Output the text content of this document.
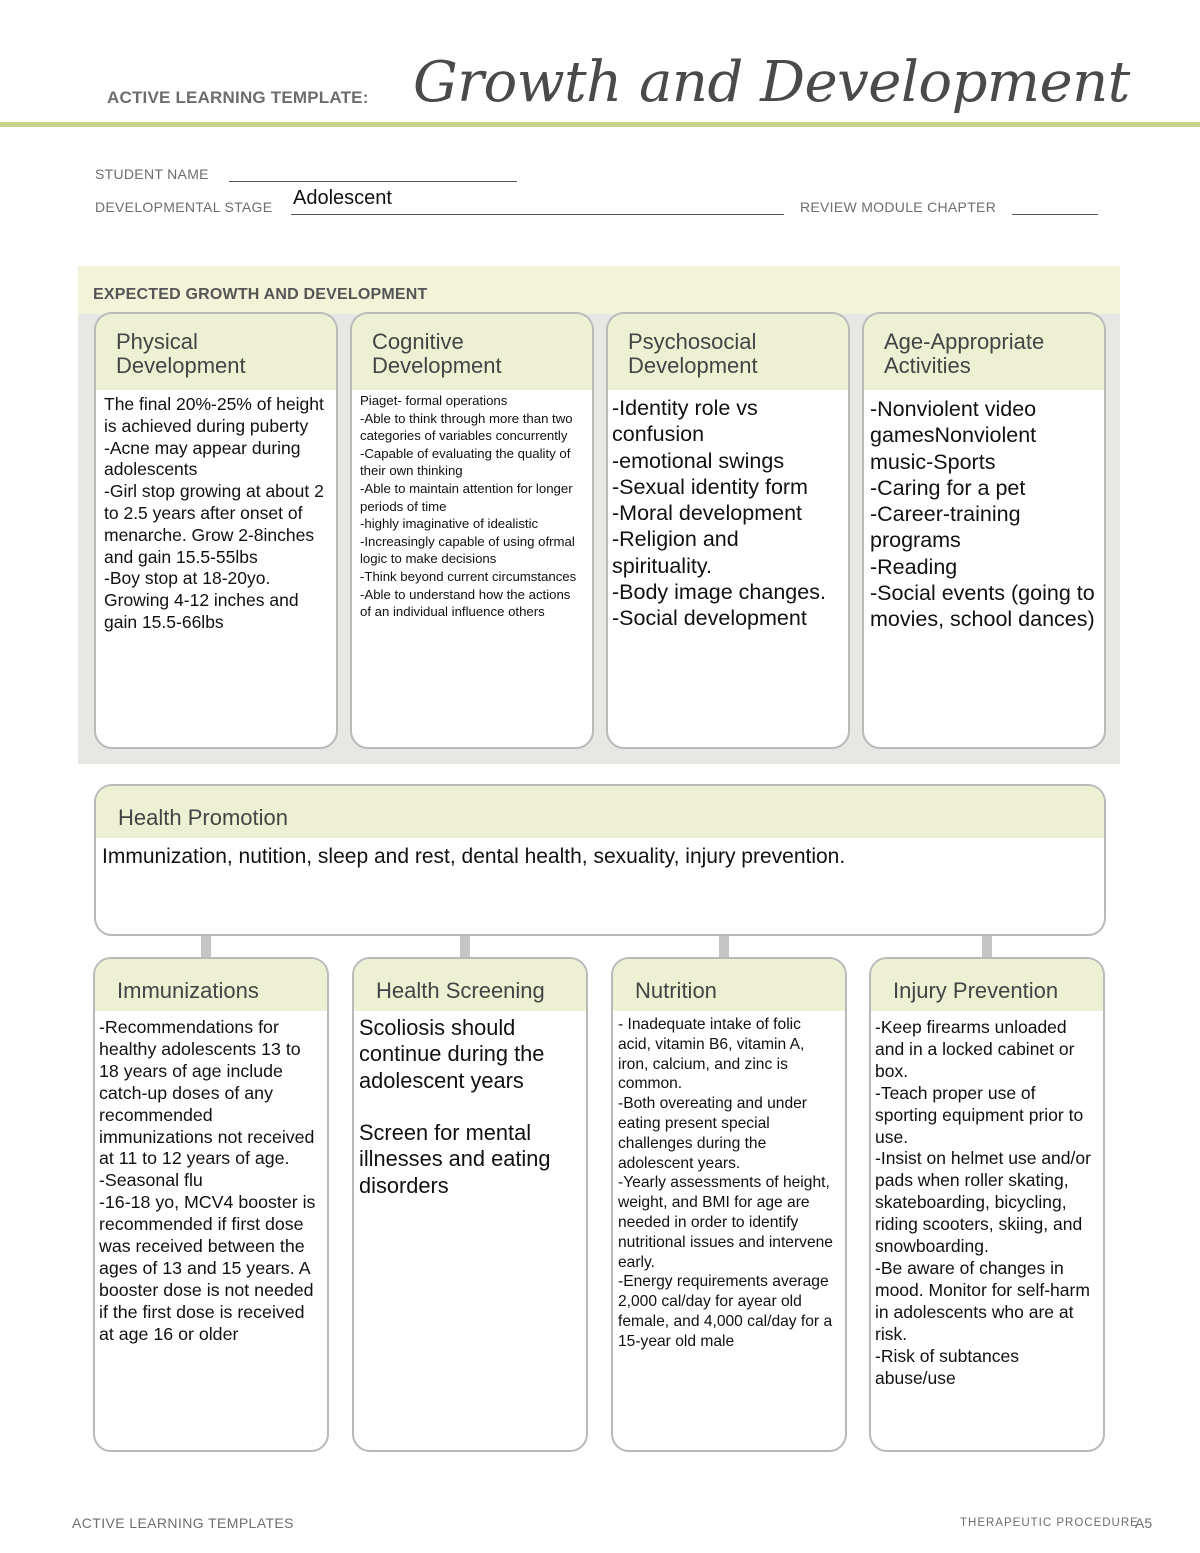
ACTIVE LEARNING TEMPLATE: Growth and Development
STUDENT NAME
DEVELOPMENTAL STAGE Adolescent	REVIEW MODULE CHAPTER
EXPECTED GROWTH AND DEVELOPMENT
Physical
Development
The final 20%-25% of height is achieved during puberty
-Acne may appear during adolescents
-Girl stop growing at about 2 to 2.5 years after onset of menarche. Grow 2-8inches and gain 15.5-55lbs
-Boy stop at 18-20yo. Growing 4-12 inches and gain 15.5-66lbs
Cognitive
Development
Piaget- formal operations
-Able to think through more than two categories of variables concurrently
-Capable of evaluating the quality of their own thinking
-Able to maintain attention for longer periods of time
-highly imaginative of idealistic
-Increasingly capable of using ofrmal logic to make decisions
-Think beyond current circumstances
-Able to understand how the actions of an individual influence others
Psychosocial
Development
-Identity role vs confusion
-emotional swings
-Sexual identity form
-Moral development
-Religion and spirituality.
-Body image changes.
-Social development
Age-Appropriate
Activities
-Nonviolent video gamesNonviolent music-Sports
-Caring for a pet
-Career-training programs
-Reading
-Social events (going to movies, school dances)
Health Promotion
Immunization, nutition, sleep and rest, dental health, sexuality, injury prevention.
Immunizations
-Recommendations for healthy adolescents 13 to 18 years of age include catch-up doses of any recommended immunizations not received at 11 to 12 years of age.
-Seasonal flu
-16-18 yo, MCV4 booster is recommended if first dose was received between the ages of 13 and 15 years. A booster dose is not needed if the first dose is received at age 16 or older
Health Screening
Scoliosis should continue during the adolescent years

Screen for mental illnesses and eating disorders
Nutrition
- Inadequate intake of folic acid, vitamin B6, vitamin A, iron, calcium, and zinc is common.
-Both overeating and under eating present special challenges during the adolescent years.
-Yearly assessments of height, weight, and BMI for age are needed in order to identify nutritional issues and intervene early.
-Energy requirements average 2,000 cal/day for ayear old female, and 4,000 cal/day for a 15-year old male
Injury Prevention
-Keep firearms unloaded and in a locked cabinet or box.
-Teach proper use of sporting equipment prior to use.
-Insist on helmet use and/or pads when roller skating, skateboarding, bicycling, riding scooters, skiing, and snowboarding.
-Be aware of changes in mood. Monitor for self-harm in adolescents who are at risk.
-Risk of subtances abuse/use
ACTIVE LEARNING TEMPLATES	THERAPEUTIC PROCEDURE
A5
